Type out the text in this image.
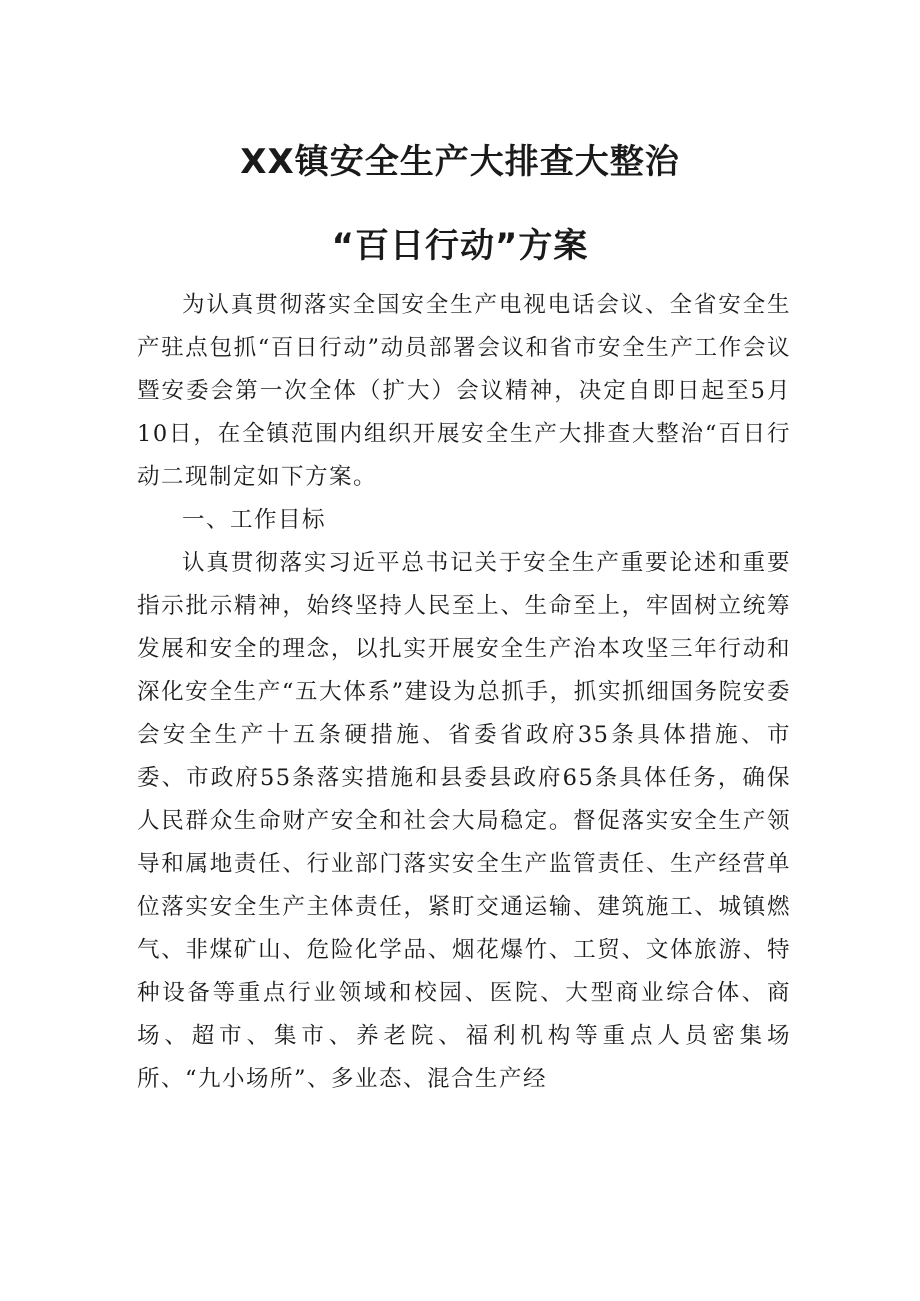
XX镇安全生产大排查大整治
“百日行动”方案

为认真贯彻落实全国安全生产电视电话会议、全省安全生产驻点包抓“百日行动”动员部署会议和省市安全生产工作会议暨安委会第一次全体（扩大）会议精神，决定自即日起至5月10日，在全镇范围内组织开展安全生产大排查大整治“百日行动二现制定如下方案。

一、工作目标

认真贯彻落实习近平总书记关于安全生产重要论述和重要指示批示精神，始终坚持人民至上、生命至上，牢固树立统筹发展和安全的理念，以扎实开展安全生产治本攻坚三年行动和深化安全生产“五大体系”建设为总抓手，抓实抓细国务院安委会安全生产十五条硬措施、省委省政府35条具体措施、市委、市政府55条落实措施和县委县政府65条具体任务，确保人民群众生命财产安全和社会大局稳定。督促落实安全生产领导和属地责任、行业部门落实安全生产监管责任、生产经营单位落实安全生产主体责任，紧盯交通运输、建筑施工、城镇燃气、非煤矿山、危险化学品、烟花爆竹、工贸、文体旅游、特种设备等重点行业领域和校园、医院、大型商业综合体、商场、超市、集市、养老院、福利机构等重点人员密集场所、“九小场所”、多业态、混合生产经
